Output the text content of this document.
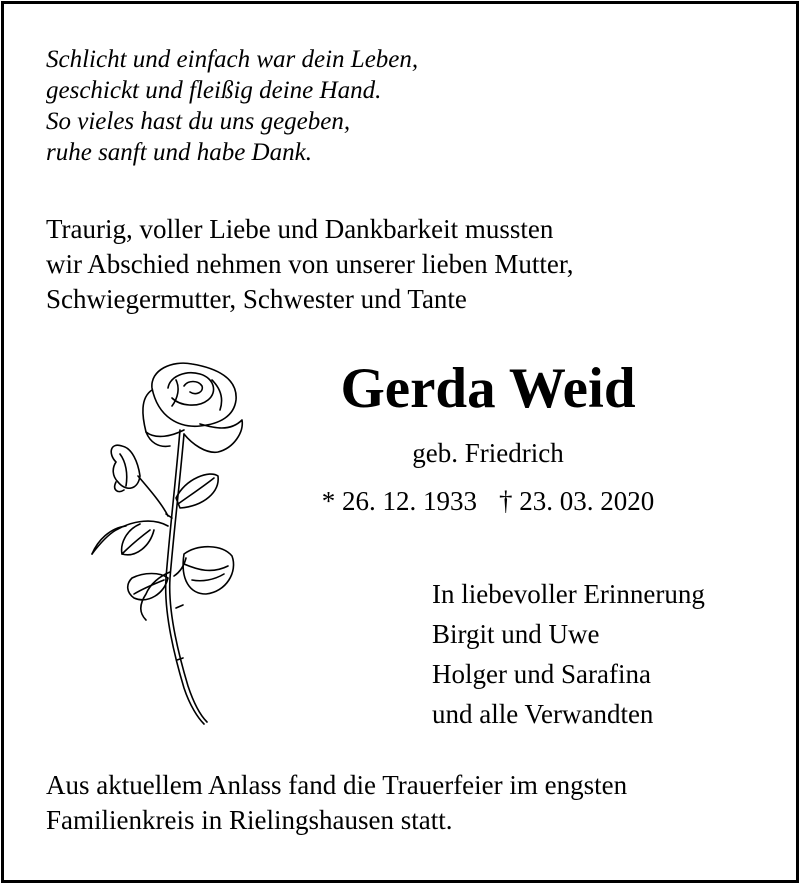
Schlicht und einfach war dein Leben,
geschickt und fleißig deine Hand.
So vieles hast du uns gegeben,
ruhe sanft und habe Dank.
Traurig, voller Liebe und Dankbarkeit mussten
wir Abschied nehmen von unserer lieben Mutter,
Schwiegermutter, Schwester und Tante
Gerda Weid
geb. Friedrich
* 26. 12. 1933 † 23. 03. 2020
In liebevoller Erinnerung
Birgit und Uwe
Holger und Sarafina
und alle Verwandten
Aus aktuellem Anlass fand die Trauerfeier im engsten
Familienkreis in Rielingshausen statt.
